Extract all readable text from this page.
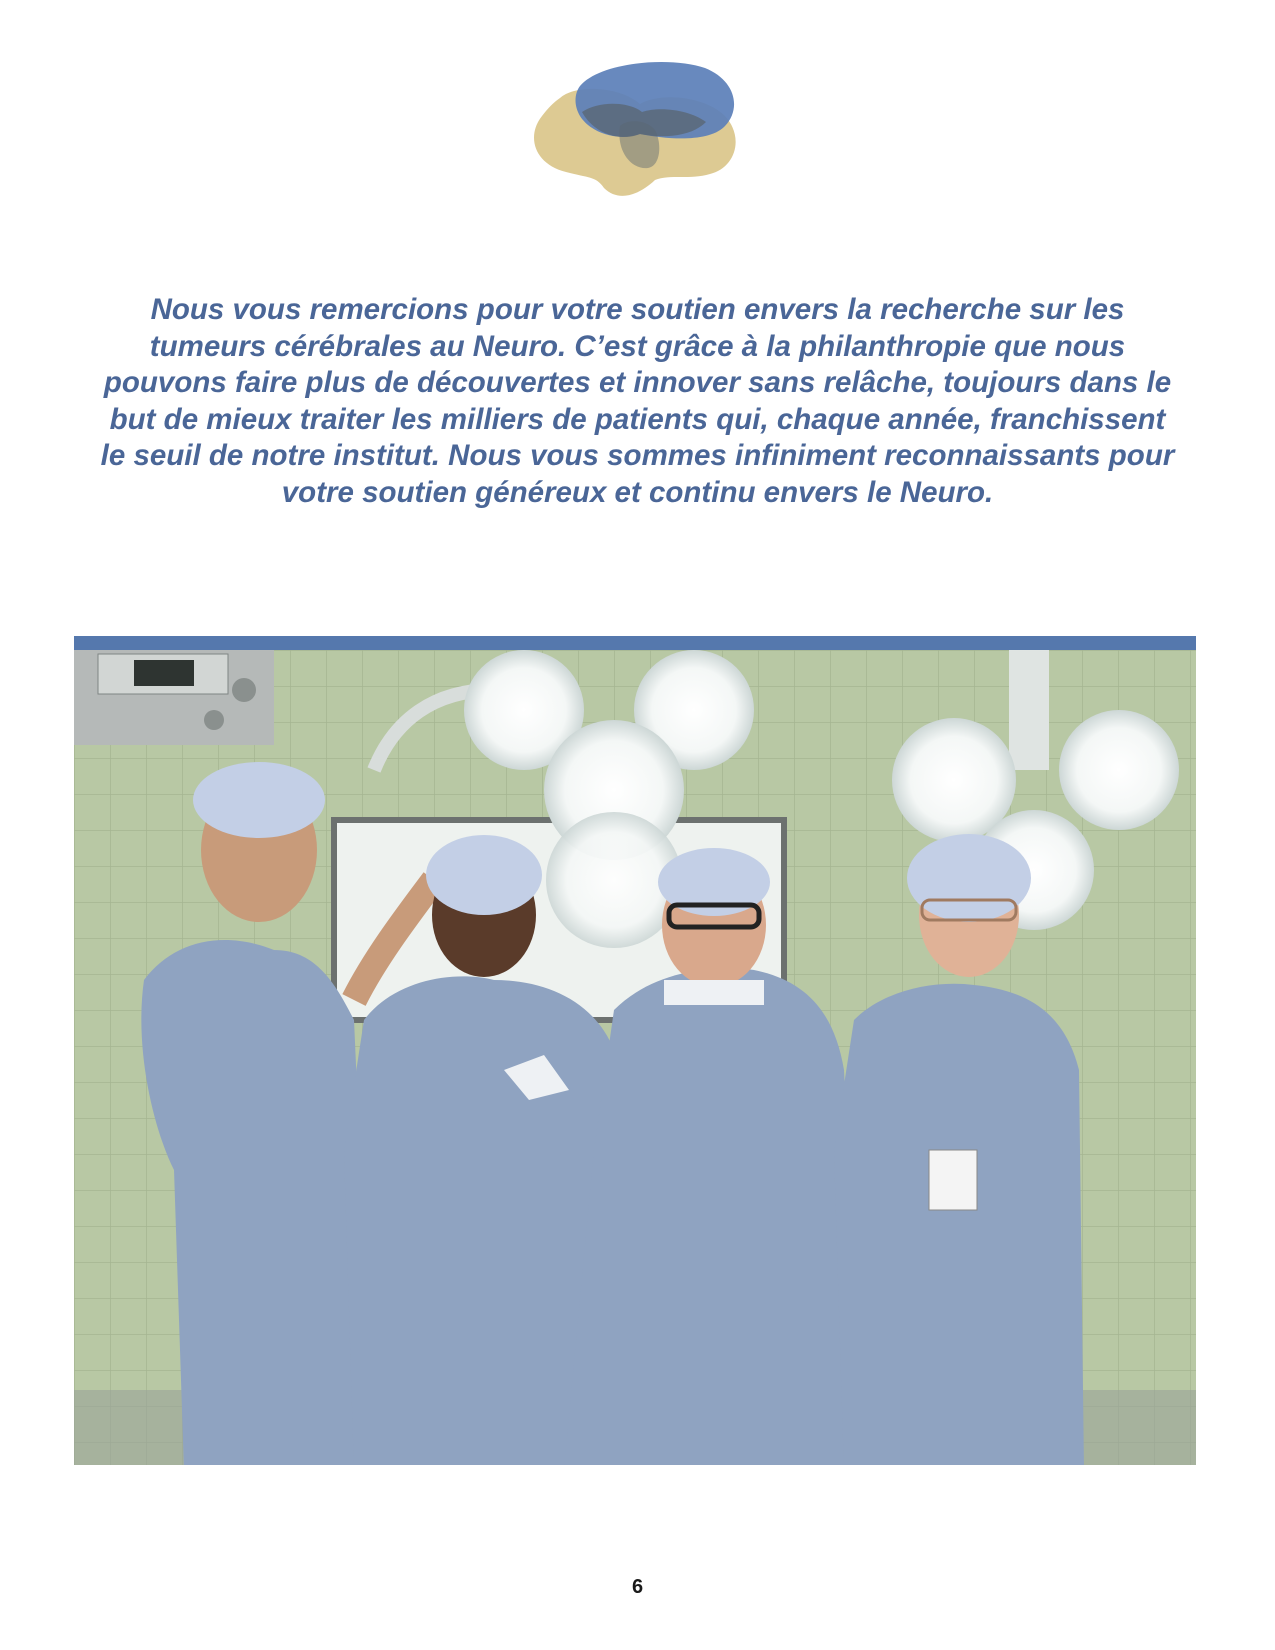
Nous vous remercions pour votre soutien envers la recherche sur les tumeurs cérébrales au Neuro. C’est grâce à la philanthropie que nous pouvons faire plus de découvertes et innover sans relâche, toujours dans le but de mieux traiter les milliers de patients qui, chaque année, franchissent le seuil de notre institut. Nous vous sommes infiniment reconnaissants pour votre soutien généreux et continu envers le Neuro.

6
